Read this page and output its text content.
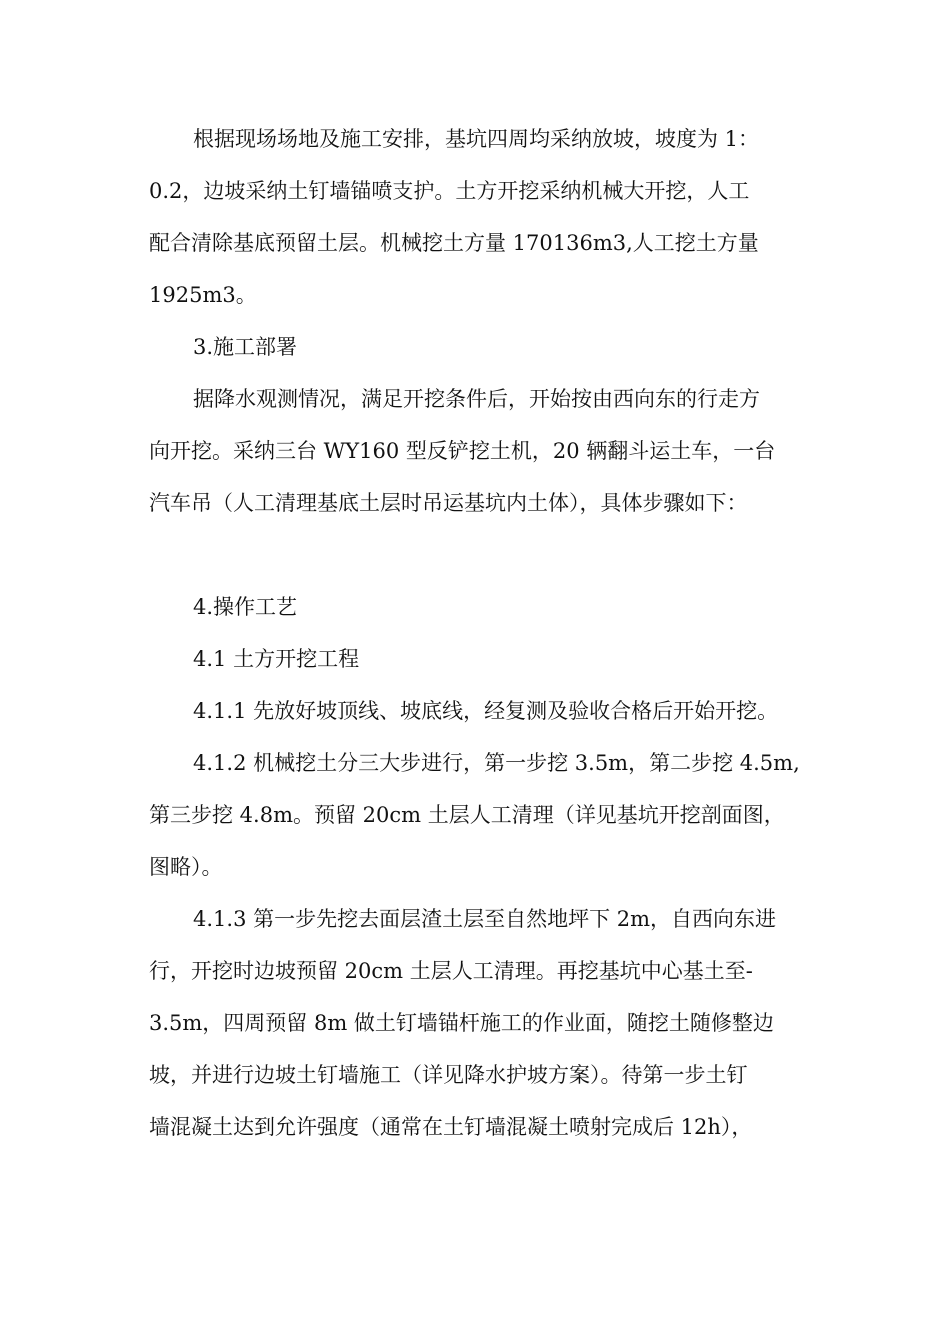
根据现场场地及施工安排，基坑四周均采纳放坡，坡度为 1：
0.2，边坡采纳土钉墙锚喷支护。土方开挖采纳机械大开挖，人工
配合清除基底预留土层。机械挖土方量 170136m3,人工挖土方量
1925m3。

3.施工部署

据降水观测情况，满足开挖条件后，开始按由西向东的行走方
向开挖。采纳三台 WY160 型反铲挖土机，20 辆翻斗运土车，一台
汽车吊（人工清理基底土层时吊运基坑内土体），具体步骤如下：

4.操作工艺

4.1 土方开挖工程

4.1.1 先放好坡顶线、坡底线，经复测及验收合格后开始开挖。

4.1.2 机械挖土分三大步进行，第一步挖 3.5m，第二步挖 4.5m,
第三步挖 4.8m。预留 20cm 土层人工清理（详见基坑开挖剖面图，
图略）。

4.1.3 第一步先挖去面层渣土层至自然地坪下 2m，自西向东进
行，开挖时边坡预留 20cm 土层人工清理。再挖基坑中心基土至-
3.5m，四周预留 8m 做土钉墙锚杆施工的作业面，随挖土随修整边
坡，并进行边坡土钉墙施工（详见降水护坡方案）。待第一步土钉
墙混凝土达到允许强度（通常在土钉墙混凝土喷射完成后 12h），
